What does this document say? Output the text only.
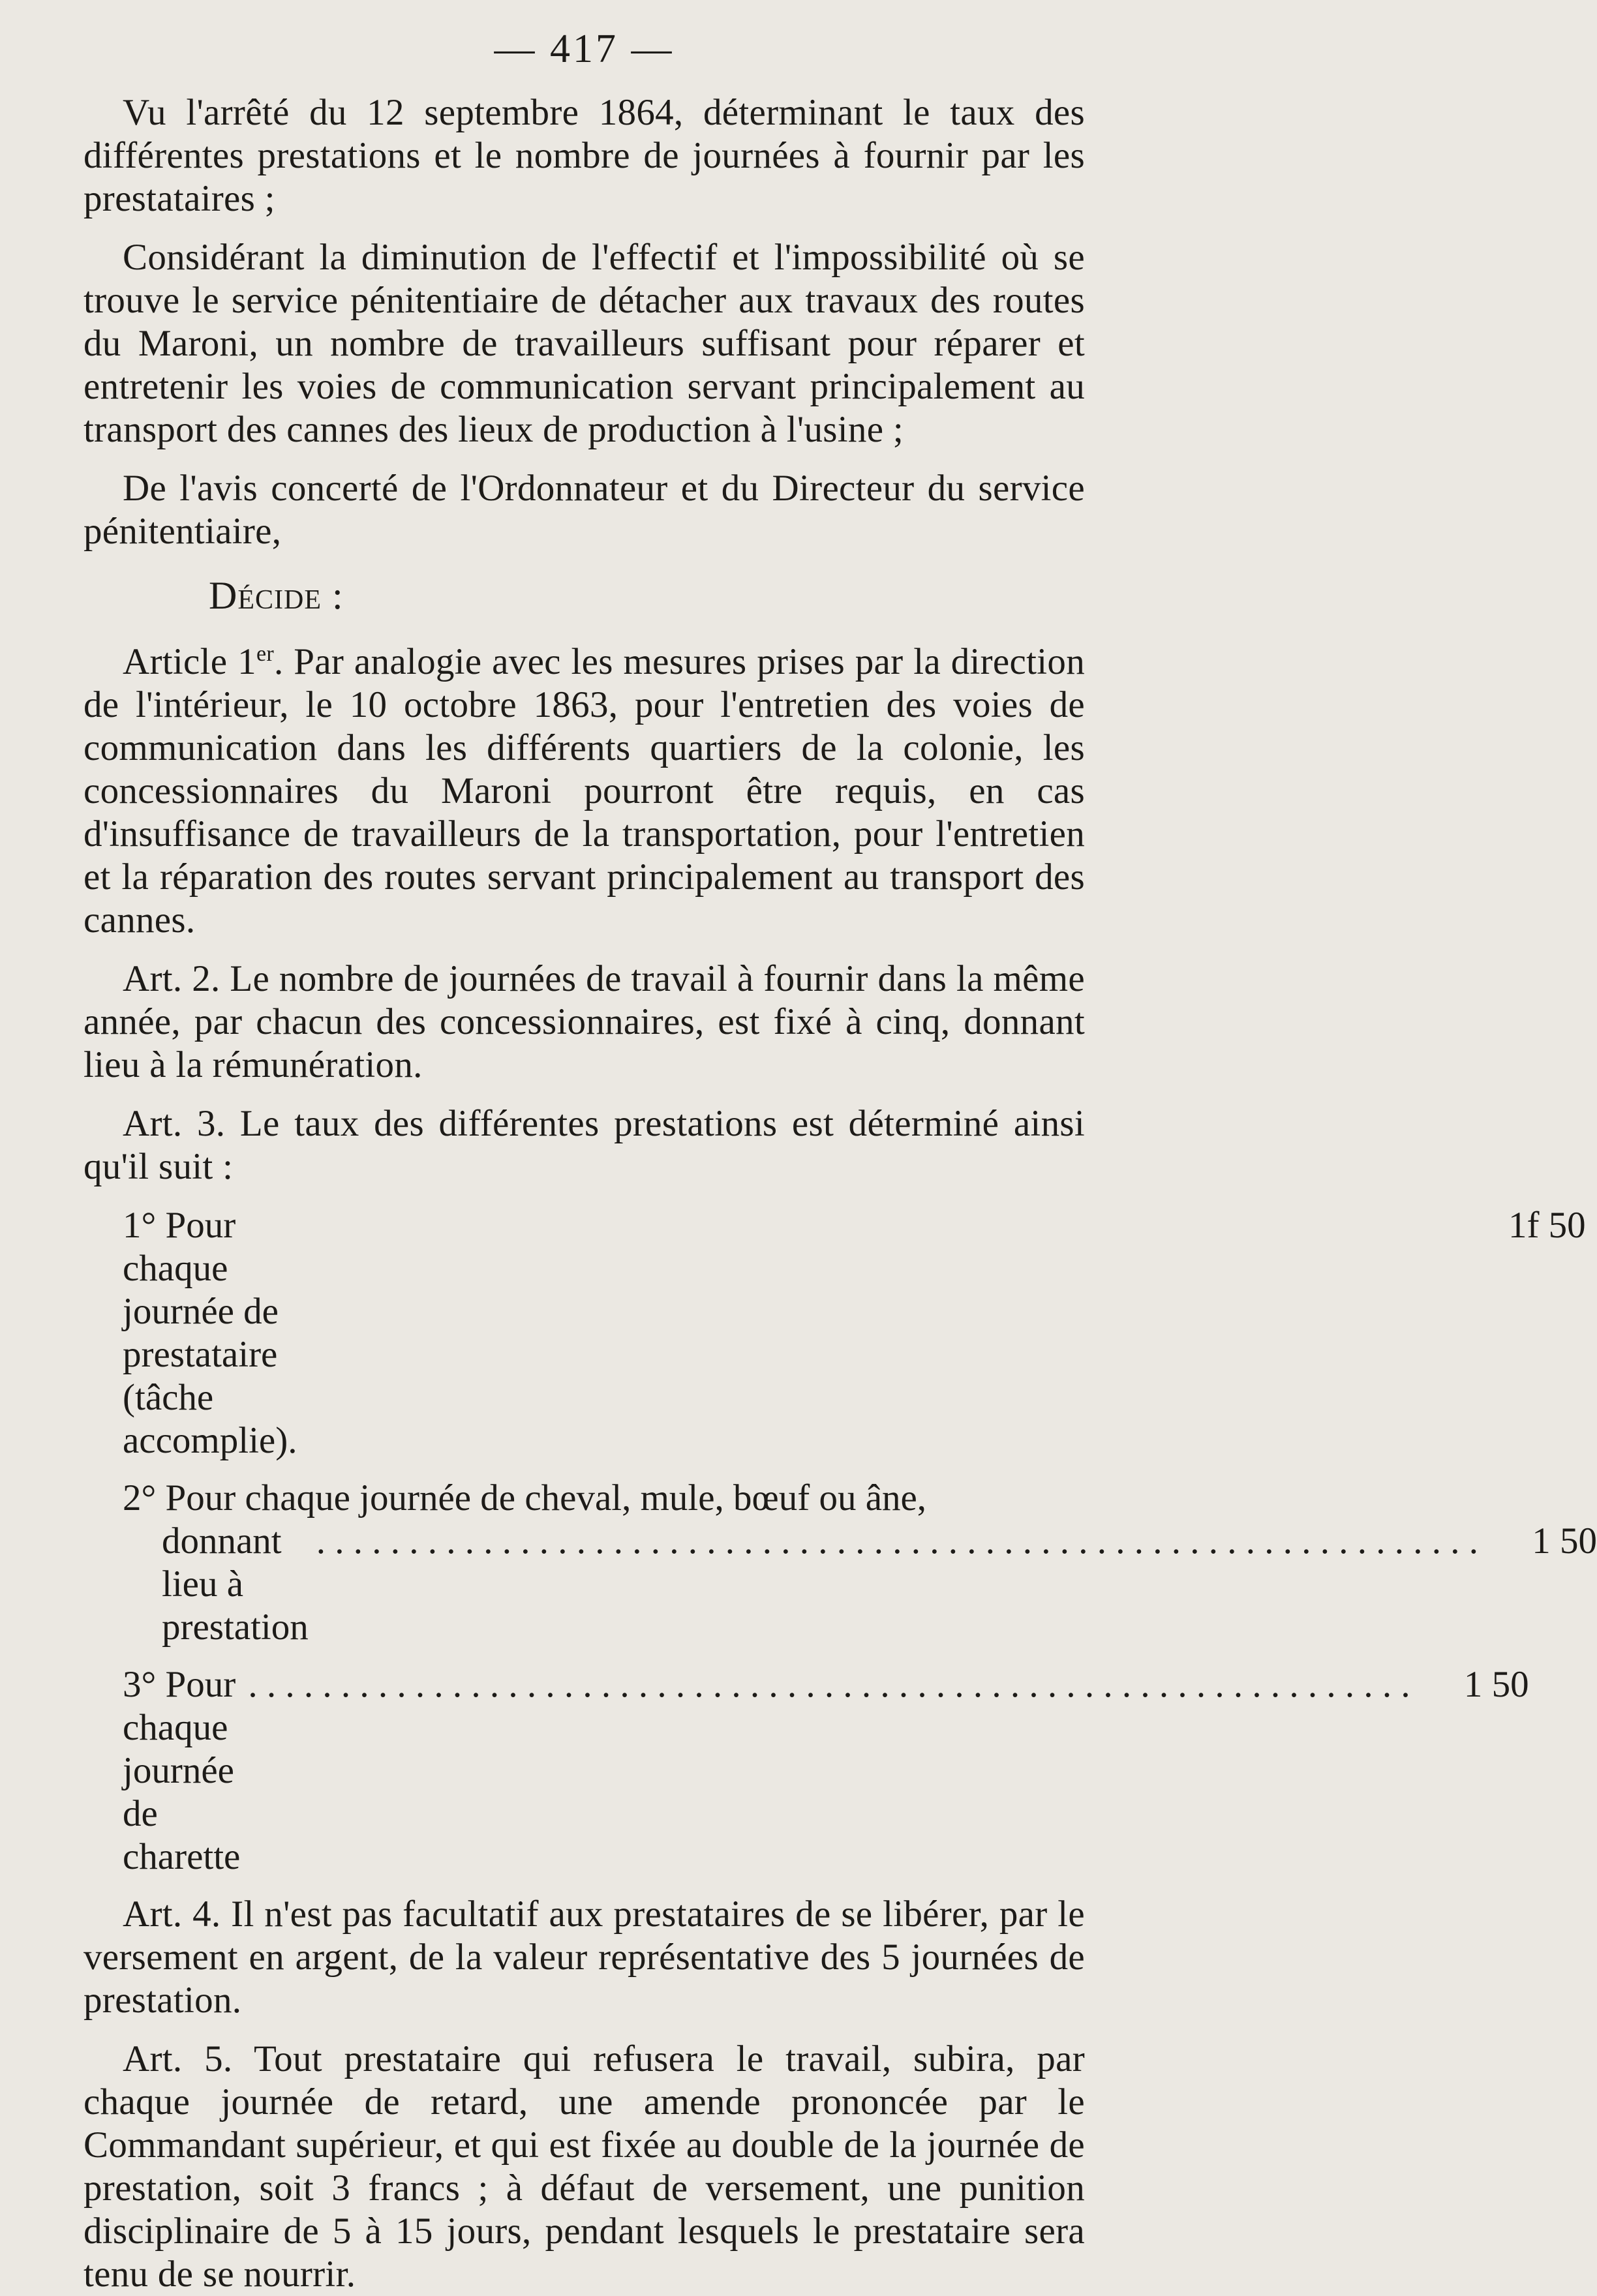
— 417 —

Vu l'arrêté du 12 septembre 1864, déterminant le taux des différentes prestations et le nombre de journées à fournir par les prestataires ;

Considérant la diminution de l'effectif et l'impossibilité où se trouve le service pénitentiaire de détacher aux travaux des routes du Maroni, un nombre de travailleurs suffisant pour réparer et entretenir les voies de communication servant principalement au transport des cannes des lieux de production à l'usine ;

De l'avis concerté de l'Ordonnateur et du Directeur du service pénitentiaire,

Décide :

Article 1er. Par analogie avec les mesures prises par la direction de l'intérieur, le 10 octobre 1863, pour l'entretien des voies de communication dans les différents quartiers de la colonie, les concessionnaires du Maroni pourront être requis, en cas d'insuffisance de travailleurs de la transportation, pour l'entretien et la réparation des routes servant principalement au transport des cannes.

Art. 2. Le nombre de journées de travail à fournir dans la même année, par chacun des concessionnaires, est fixé à cinq, donnant lieu à la rémunération.

Art. 3. Le taux des différentes prestations est déterminé ainsi qu'il suit :

1° Pour chaque journée de prestataire (tâche accomplie).
1f 50
2° Pour chaque journée de cheval, mule, bœuf ou âne,
donnant lieu à prestation
. . .
1 50
3° Pour chaque journée de charette
. . .
1 50

Art. 4. Il n'est pas facultatif aux prestataires de se libérer, par le versement en argent, de la valeur représentative des 5 journées de prestation.

Art. 5. Tout prestataire qui refusera le travail, subira, par chaque journée de retard, une amende prononcée par le Commandant supérieur, et qui est fixée au double de la journée de prestation, soit 3 francs ; à défaut de versement, une punition disciplinaire de 5 à 15 jours, pendant lesquels le prestataire sera tenu de se nourrir.
